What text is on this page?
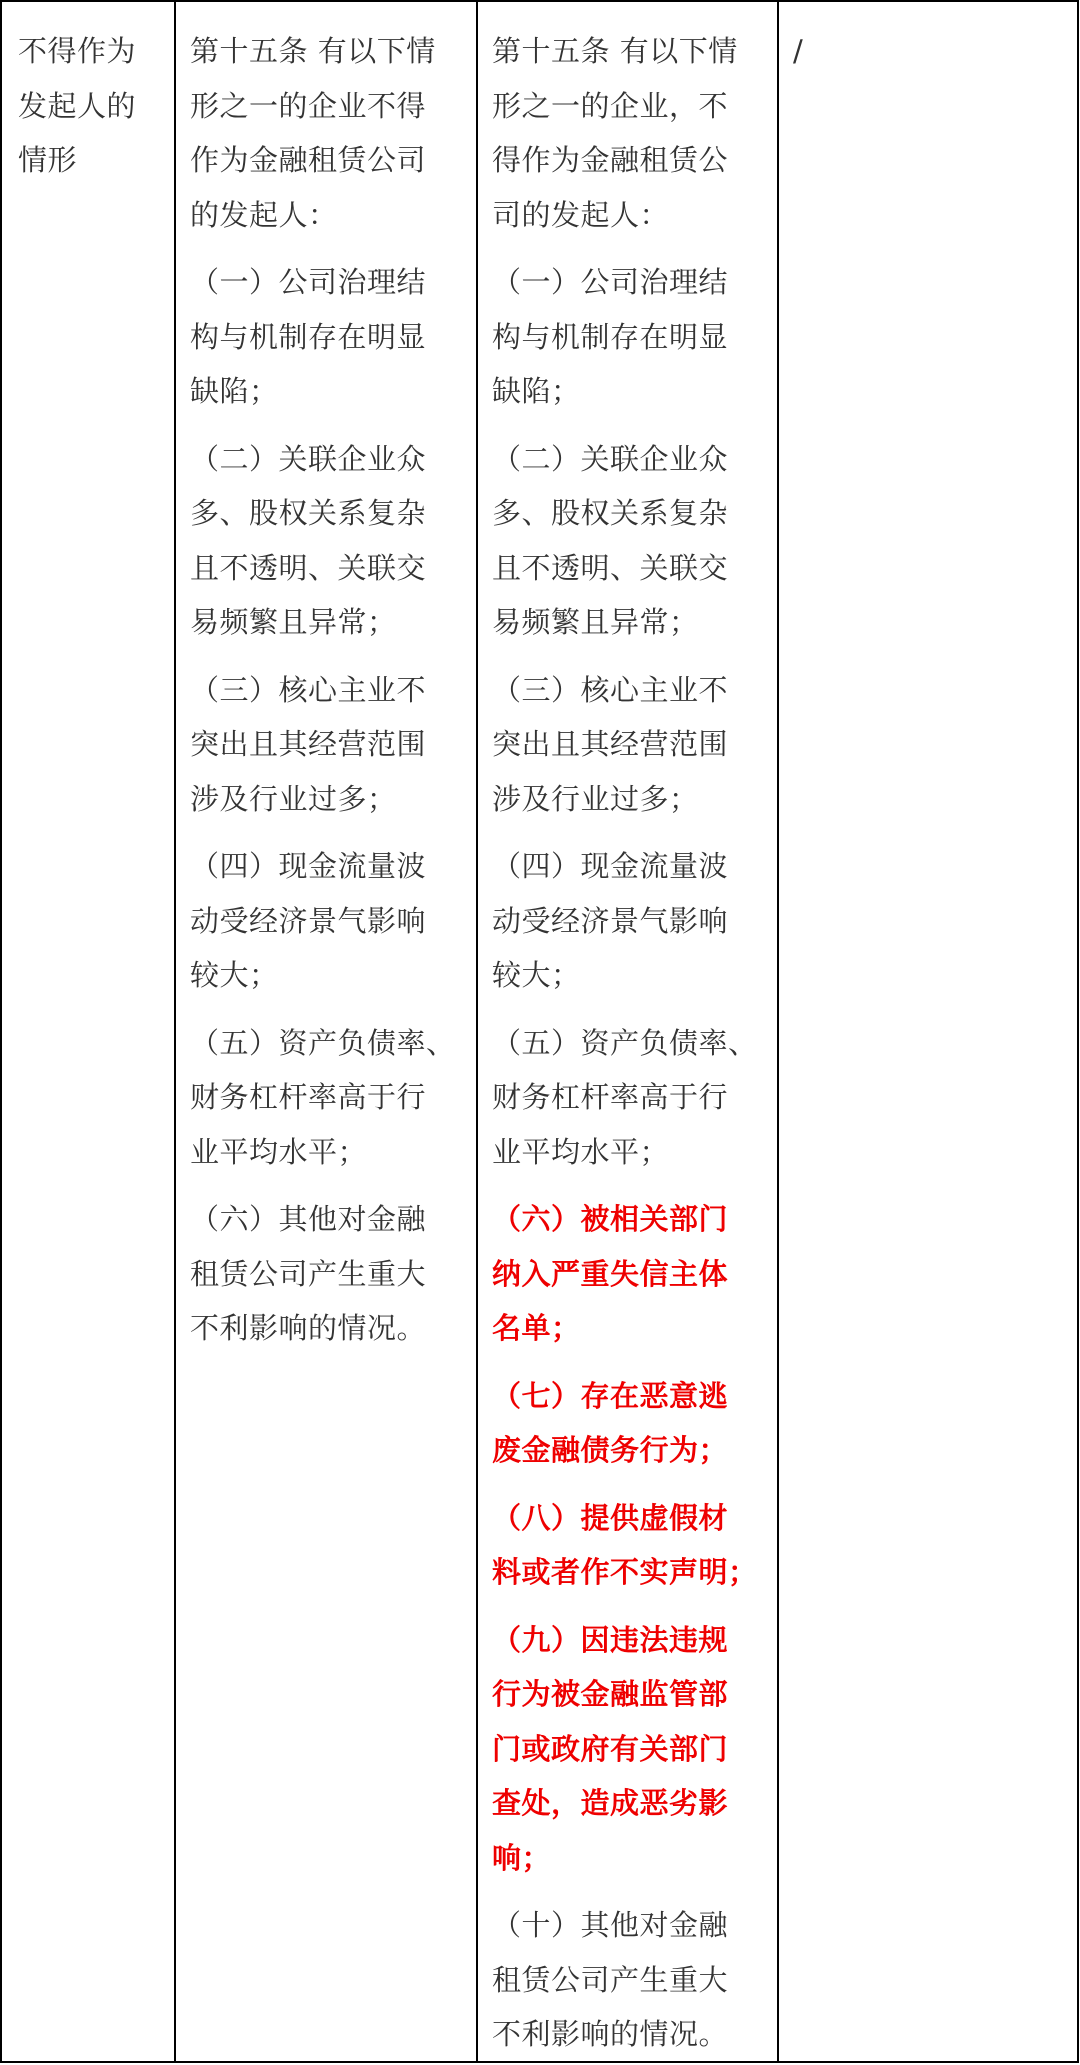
不得作为
发起人的
情形

第十五条 有以下情
形之一的企业不得
作为金融租赁公司
的发起人：

（一）公司治理结
构与机制存在明显
缺陷；

（二）关联企业众
多、股权关系复杂
且不透明、关联交
易频繁且异常；

（三）核心主业不
突出且其经营范围
涉及行业过多；

（四）现金流量波
动受经济景气影响
较大；

（五）资产负债率、
财务杠杆率高于行
业平均水平；

（六）其他对金融
租赁公司产生重大
不利影响的情况。

第十五条 有以下情
形之一的企业，不
得作为金融租赁公
司的发起人：

（一）公司治理结
构与机制存在明显
缺陷；

（二）关联企业众
多、股权关系复杂
且不透明、关联交
易频繁且异常；

（三）核心主业不
突出且其经营范围
涉及行业过多；

（四）现金流量波
动受经济景气影响
较大；

（五）资产负债率、
财务杠杆率高于行
业平均水平；

（六）被相关部门
纳入严重失信主体
名单；

（七）存在恶意逃
废金融债务行为；

（八）提供虚假材
料或者作不实声明；

（九）因违法违规
行为被金融监管部
门或政府有关部门
查处，造成恶劣影
响；

（十）其他对金融
租赁公司产生重大
不利影响的情况。

/
